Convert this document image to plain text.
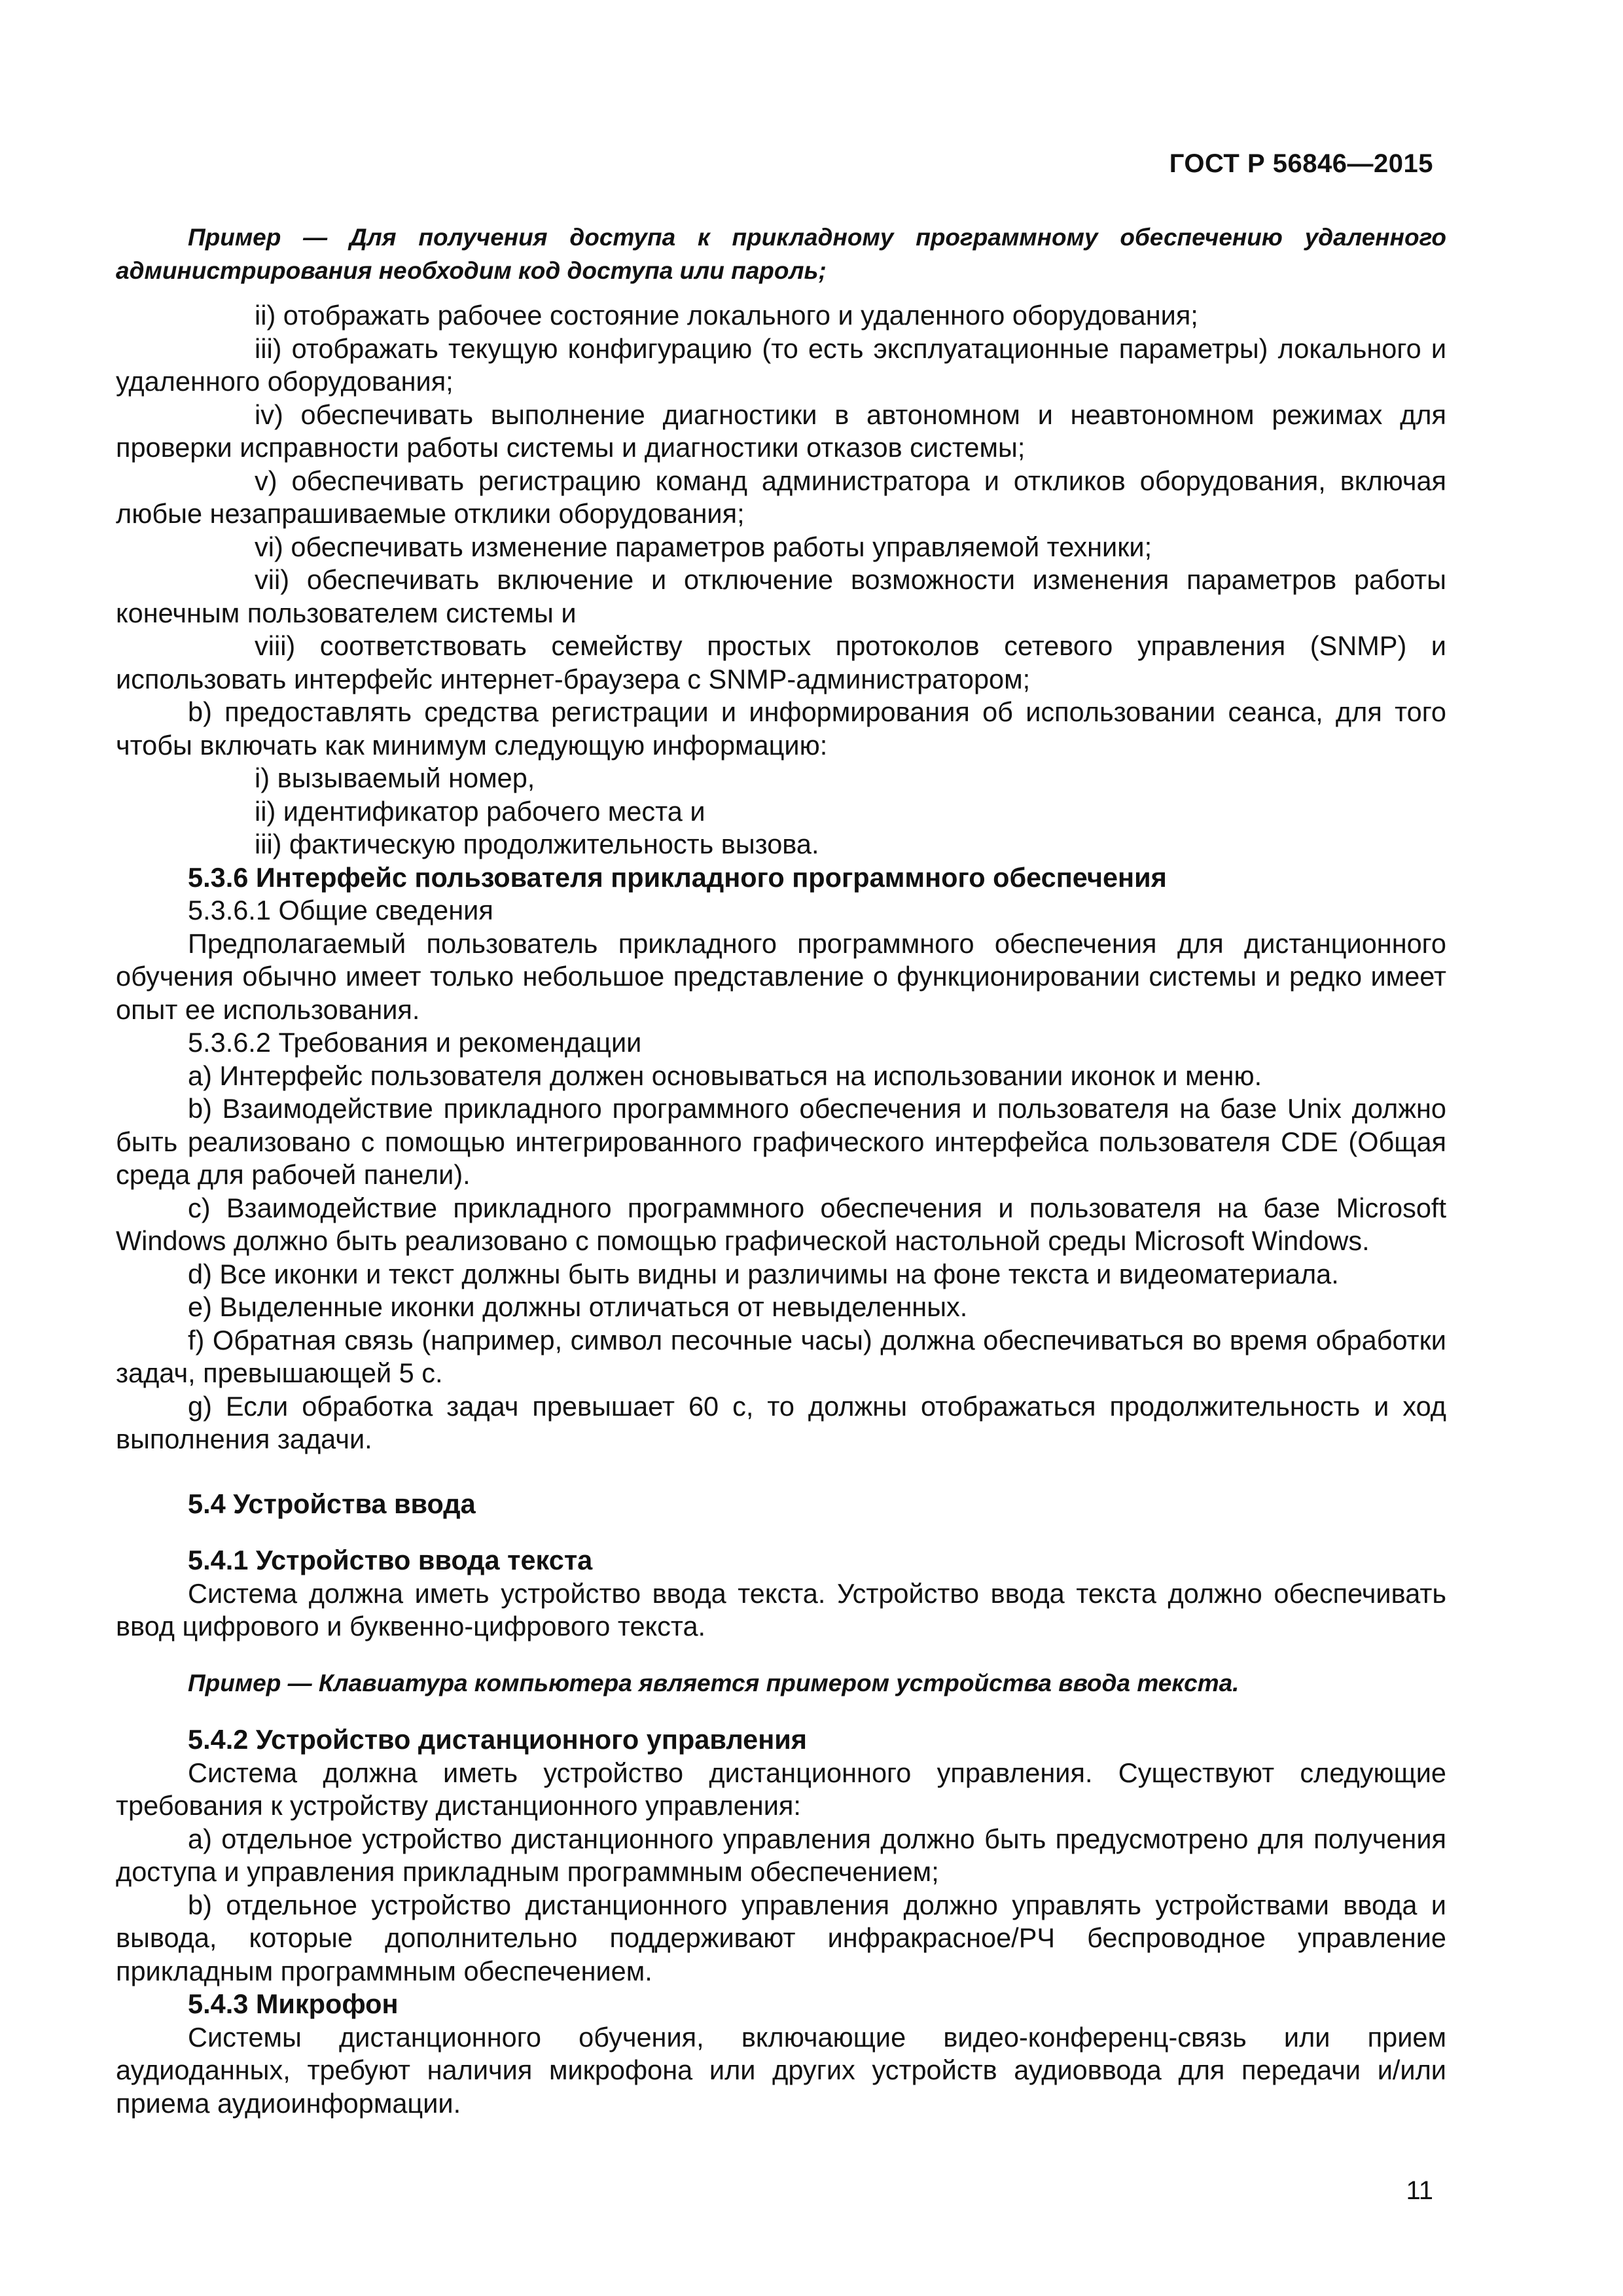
ГОСТ Р 56846—2015

Пример — Для получения доступа к прикладному программному обеспечению удаленного администрирования необходим код доступа или пароль;

ii) отображать рабочее состояние локального и удаленного оборудования;

iii) отображать текущую конфигурацию (то есть эксплуатационные параметры) локального и удаленного оборудования;

iv) обеспечивать выполнение диагностики в автономном и неавтономном режимах для проверки исправности работы системы и диагностики отказов системы;

v) обеспечивать регистрацию команд администратора и откликов оборудования, включая любые незапрашиваемые отклики оборудования;

vi) обеспечивать изменение параметров работы управляемой техники;

vii) обеспечивать включение и отключение возможности изменения параметров работы конечным пользователем системы и

viii) соответствовать семейству простых протоколов сетевого управления (SNMP) и использовать интерфейс интернет-браузера с SNMP-администратором;

b) предоставлять средства регистрации и информирования об использовании сеанса, для того чтобы включать как минимум следующую информацию:

i) вызываемый номер,

ii) идентификатор рабочего места и

iii) фактическую продолжительность вызова.

5.3.6 Интерфейс пользователя прикладного программного обеспечения

5.3.6.1 Общие сведения

Предполагаемый пользователь прикладного программного обеспечения для дистанционного обучения обычно имеет только небольшое представление о функционировании системы и редко имеет опыт ее использования.

5.3.6.2 Требования и рекомендации

a) Интерфейс пользователя должен основываться на использовании иконок и меню.

b) Взаимодействие прикладного программного обеспечения и пользователя на базе Unix должно быть реализовано с помощью интегрированного графического интерфейса пользователя CDE (Общая среда для рабочей панели).

c) Взаимодействие прикладного программного обеспечения и пользователя на базе Microsoft Windows должно быть реализовано с помощью графической настольной среды Microsoft Windows.

d) Все иконки и текст должны быть видны и различимы на фоне текста и видеоматериала.

e) Выделенные иконки должны отличаться от невыделенных.

f) Обратная связь (например, символ песочные часы) должна обеспечиваться во время обработки задач, превышающей 5 с.

g) Если обработка задач превышает 60 с, то должны отображаться продолжительность и ход выполнения задачи.

5.4 Устройства ввода

5.4.1 Устройство ввода текста

Система должна иметь устройство ввода текста. Устройство ввода текста должно обеспечивать ввод цифрового и буквенно-цифрового текста.

Пример — Клавиатура компьютера является примером устройства ввода текста.

5.4.2 Устройство дистанционного управления

Система должна иметь устройство дистанционного управления. Существуют следующие требования к устройству дистанционного управления:

a) отдельное устройство дистанционного управления должно быть предусмотрено для получения доступа и управления прикладным программным обеспечением;

b) отдельное устройство дистанционного управления должно управлять устройствами ввода и вывода, которые дополнительно поддерживают инфракрасное/РЧ беспроводное управление прикладным программным обеспечением.

5.4.3 Микрофон

Системы дистанционного обучения, включающие видео-конференц-связь или прием аудиоданных, требуют наличия микрофона или других устройств аудиоввода для передачи и/или приема аудиоинформации.

11
